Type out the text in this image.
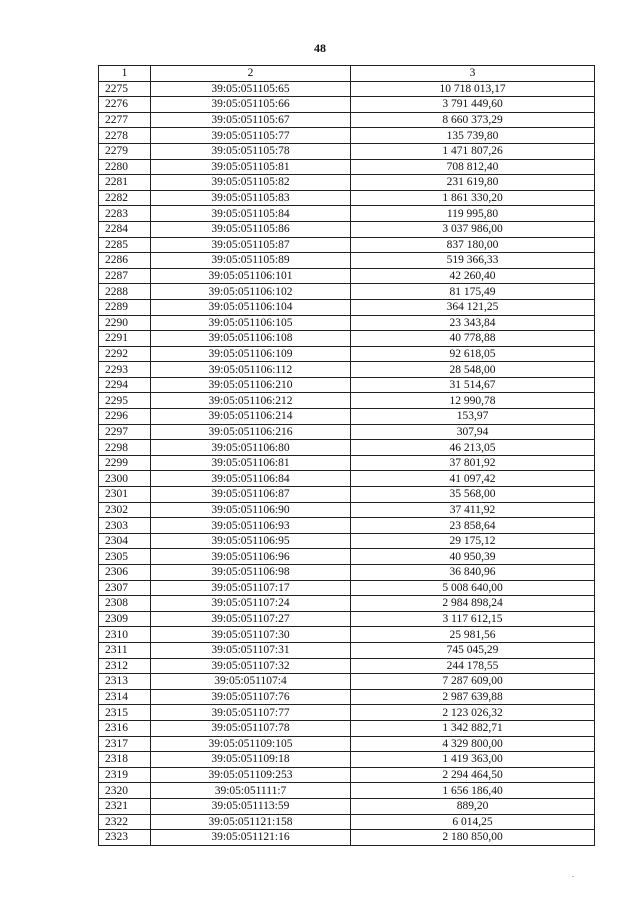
48
1	2	3
2275	39:05:051105:65	10 718 013,17
2276	39:05:051105:66	3 791 449,60
2277	39:05:051105:67	8 660 373,29
2278	39:05:051105:77	135 739,80
2279	39:05:051105:78	1 471 807,26
2280	39:05:051105:81	708 812,40
2281	39:05:051105:82	231 619,80
2282	39:05:051105:83	1 861 330,20
2283	39:05:051105:84	119 995,80
2284	39:05:051105:86	3 037 986,00
2285	39:05:051105:87	837 180,00
2286	39:05:051105:89	519 366,33
2287	39:05:051106:101	42 260,40
2288	39:05:051106:102	81 175,49
2289	39:05:051106:104	364 121,25
2290	39:05:051106:105	23 343,84
2291	39:05:051106:108	40 778,88
2292	39:05:051106:109	92 618,05
2293	39:05:051106:112	28 548,00
2294	39:05:051106:210	31 514,67
2295	39:05:051106:212	12 990,78
2296	39:05:051106:214	153,97
2297	39:05:051106:216	307,94
2298	39:05:051106:80	46 213,05
2299	39:05:051106:81	37 801,92
2300	39:05:051106:84	41 097,42
2301	39:05:051106:87	35 568,00
2302	39:05:051106:90	37 411,92
2303	39:05:051106:93	23 858,64
2304	39:05:051106:95	29 175,12
2305	39:05:051106:96	40 950,39
2306	39:05:051106:98	36 840,96
2307	39:05:051107:17	5 008 640,00
2308	39:05:051107:24	2 984 898,24
2309	39:05:051107:27	3 117 612,15
2310	39:05:051107:30	25 981,56
2311	39:05:051107:31	745 045,29
2312	39:05:051107:32	244 178,55
2313	39:05:051107:4	7 287 609,00
2314	39:05:051107:76	2 987 639,88
2315	39:05:051107:77	2 123 026,32
2316	39:05:051107:78	1 342 882,71
2317	39:05:051109:105	4 329 800,00
2318	39:05:051109:18	1 419 363,00
2319	39:05:051109:253	2 294 464,50
2320	39:05:051111:7	1 656 186,40
2321	39:05:051113:59	889,20
2322	39:05:051121:158	6 014,25
2323	39:05:051121:16	2 180 850,00
